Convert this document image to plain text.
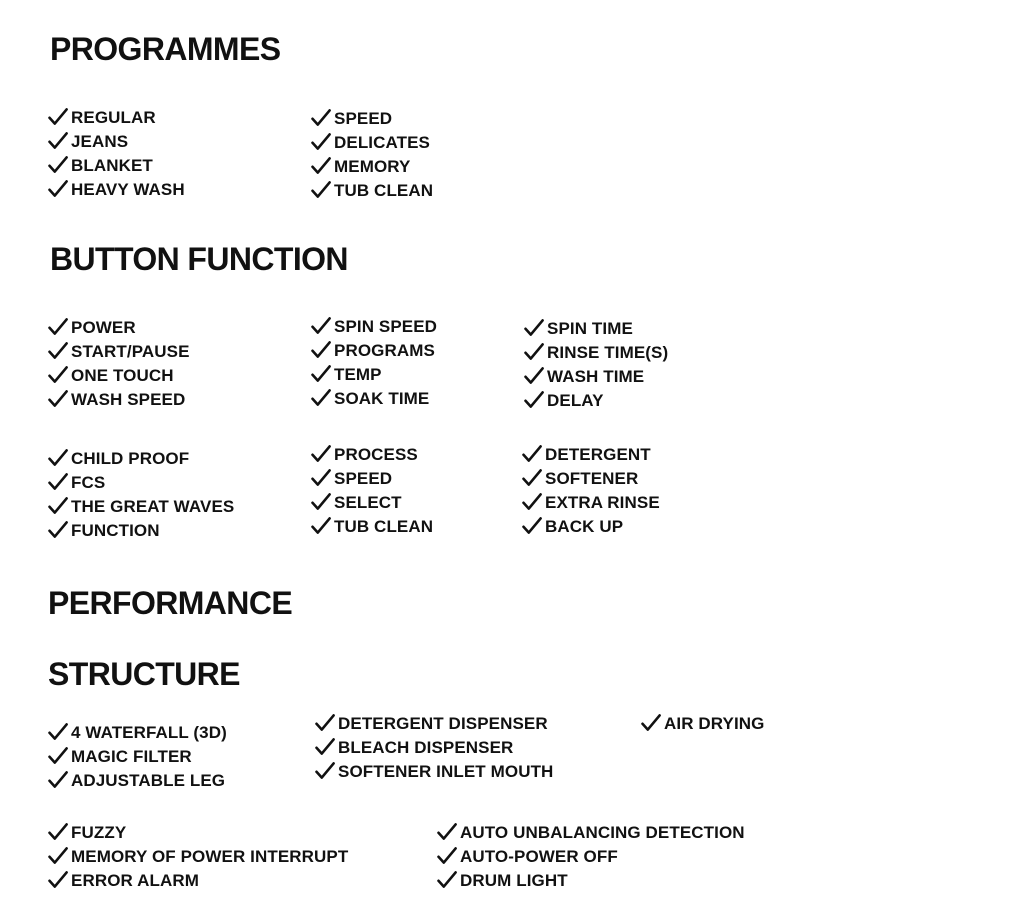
PROGRAMMES
REGULAR
JEANS
BLANKET
HEAVY WASH
SPEED
DELICATES
MEMORY
TUB CLEAN
BUTTON FUNCTION
POWER
START/PAUSE
ONE TOUCH
WASH SPEED
SPIN SPEED
PROGRAMS
TEMP
SOAK TIME
SPIN TIME
RINSE TIME(S)
WASH TIME
DELAY
CHILD PROOF
FCS
THE GREAT WAVES
FUNCTION
PROCESS
SPEED
SELECT
TUB CLEAN
DETERGENT
SOFTENER
EXTRA RINSE
BACK UP
PERFORMANCE
STRUCTURE
4 WATERFALL (3D)
MAGIC FILTER
ADJUSTABLE LEG
DETERGENT DISPENSER
BLEACH DISPENSER
SOFTENER INLET MOUTH
AIR DRYING
FUZZY
MEMORY OF POWER INTERRUPT
ERROR ALARM
AUTO UNBALANCING DETECTION
AUTO-POWER OFF
DRUM LIGHT
